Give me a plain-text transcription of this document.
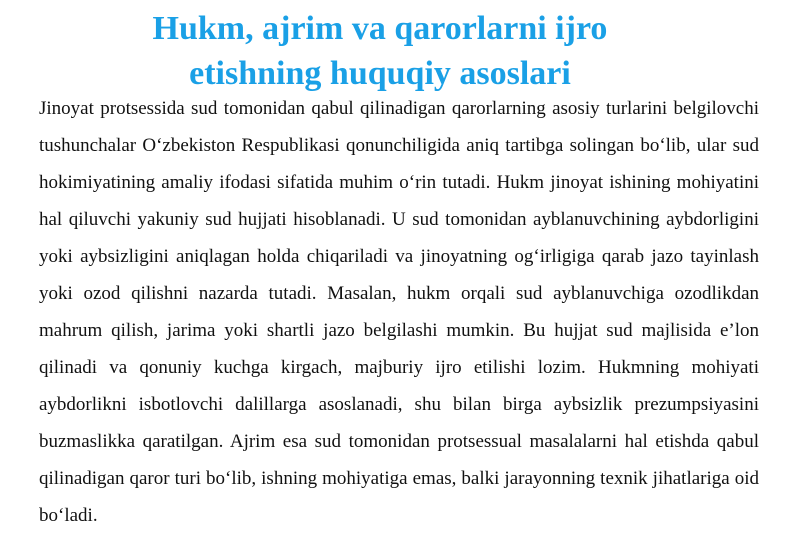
Hukm, ajrim va qarorlarni ijro
etishning huquqiy asoslari

Jinoyat protsessida sud tomonidan qabul qilinadigan qarorlarning asosiy turlarini belgilovchi tushunchalar O‘zbekiston Respublikasi qonunchiligida aniq tartibga solingan bo‘lib, ular sud hokimiyatining amaliy ifodasi sifatida muhim o‘rin tutadi. Hukm jinoyat ishining mohiyatini hal qiluvchi yakuniy sud hujjati hisoblanadi. U sud tomonidan ayblanuvchining aybdorligini yoki aybsizligini aniqlagan holda chiqariladi va jinoyatning og‘irligiga qarab jazo tayinlash yoki ozod qilishni nazarda tutadi. Masalan, hukm orqali sud ayblanuvchiga ozodlikdan mahrum qilish, jarima yoki shartli jazo belgilashi mumkin. Bu hujjat sud majlisida e’lon qilinadi va qonuniy kuchga kirgach, majburiy ijro etilishi lozim. Hukmning mohiyati aybdorlikni isbotlovchi dalillarga asoslanadi, shu bilan birga aybsizlik prezumpsiyasini buzmaslikka qaratilgan. Ajrim esa sud tomonidan protsessual masalalarni hal etishda qabul qilinadigan qaror turi bo‘lib, ishning mohiyatiga emas, balki jarayonning texnik jihatlariga oid bo‘ladi.
